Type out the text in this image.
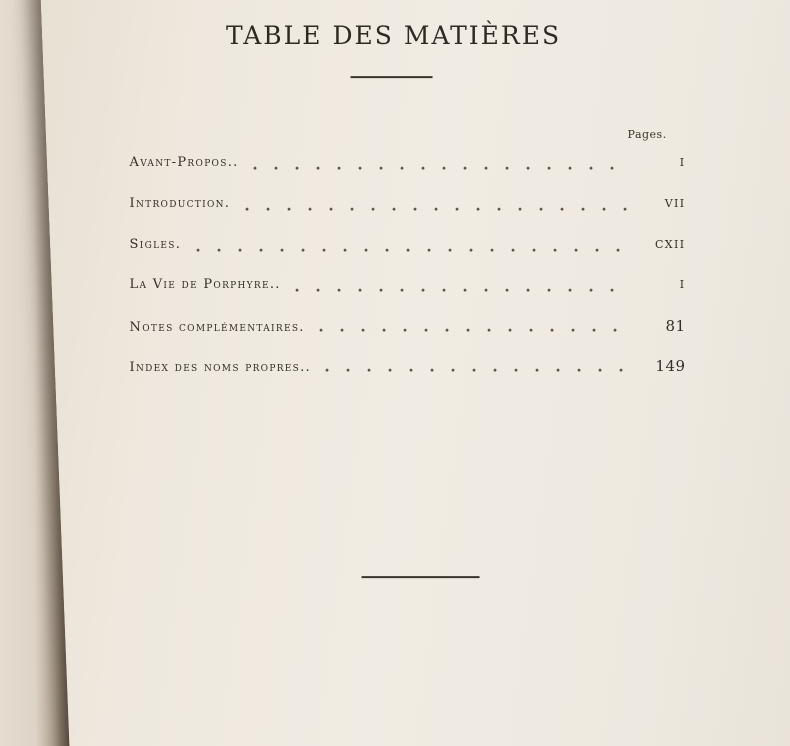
TABLE DES MATIÈRES
Pages.
Avant-Propos..	I
Introduction.	VII
Sigles.	CXII
La Vie de Porphyre..	I
Notes complémentaires.	81
Index des noms propres..	149
